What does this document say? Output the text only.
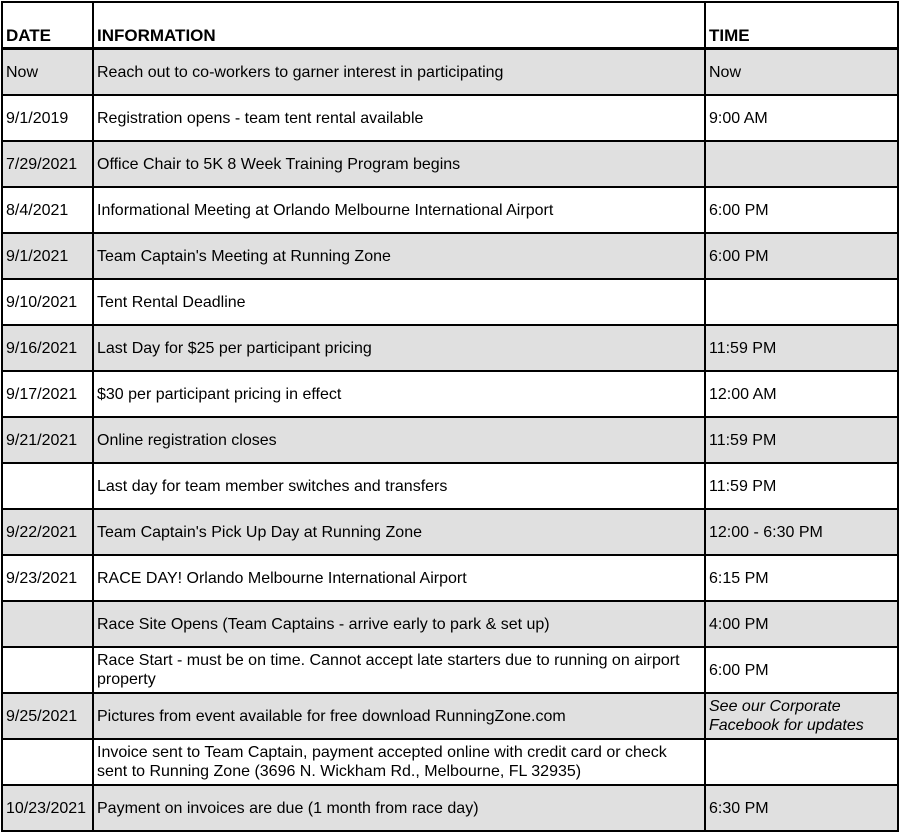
DATE	INFORMATION	TIME
Now	Reach out to co-workers to garner interest in participating	Now
9/1/2019	Registration opens - team tent rental available	9:00 AM
7/29/2021	Office Chair to 5K 8 Week Training Program begins	
8/4/2021	Informational Meeting at Orlando Melbourne International Airport	6:00 PM
9/1/2021	Team Captain's Meeting at Running Zone	6:00 PM
9/10/2021	Tent Rental Deadline	
9/16/2021	Last Day for $25 per participant pricing	11:59 PM
9/17/2021	$30 per participant pricing in effect	12:00 AM
9/21/2021	Online registration closes	11:59 PM
	Last day for team member switches and transfers	11:59 PM
9/22/2021	Team Captain's Pick Up Day at Running Zone	12:00 - 6:30 PM
9/23/2021	RACE DAY! Orlando Melbourne International Airport	6:15 PM
	Race Site Opens (Team Captains - arrive early to park & set up)	4:00 PM
	Race Start - must be on time. Cannot accept late starters due to running on airport property	6:00 PM
9/25/2021	Pictures from event available for free download RunningZone.com	See our Corporate Facebook for updates
	Invoice sent to Team Captain, payment accepted online with credit card or check sent to Running Zone (3696 N. Wickham Rd., Melbourne, FL 32935)	
10/23/2021	Payment on invoices are due (1 month from race day)	6:30 PM
